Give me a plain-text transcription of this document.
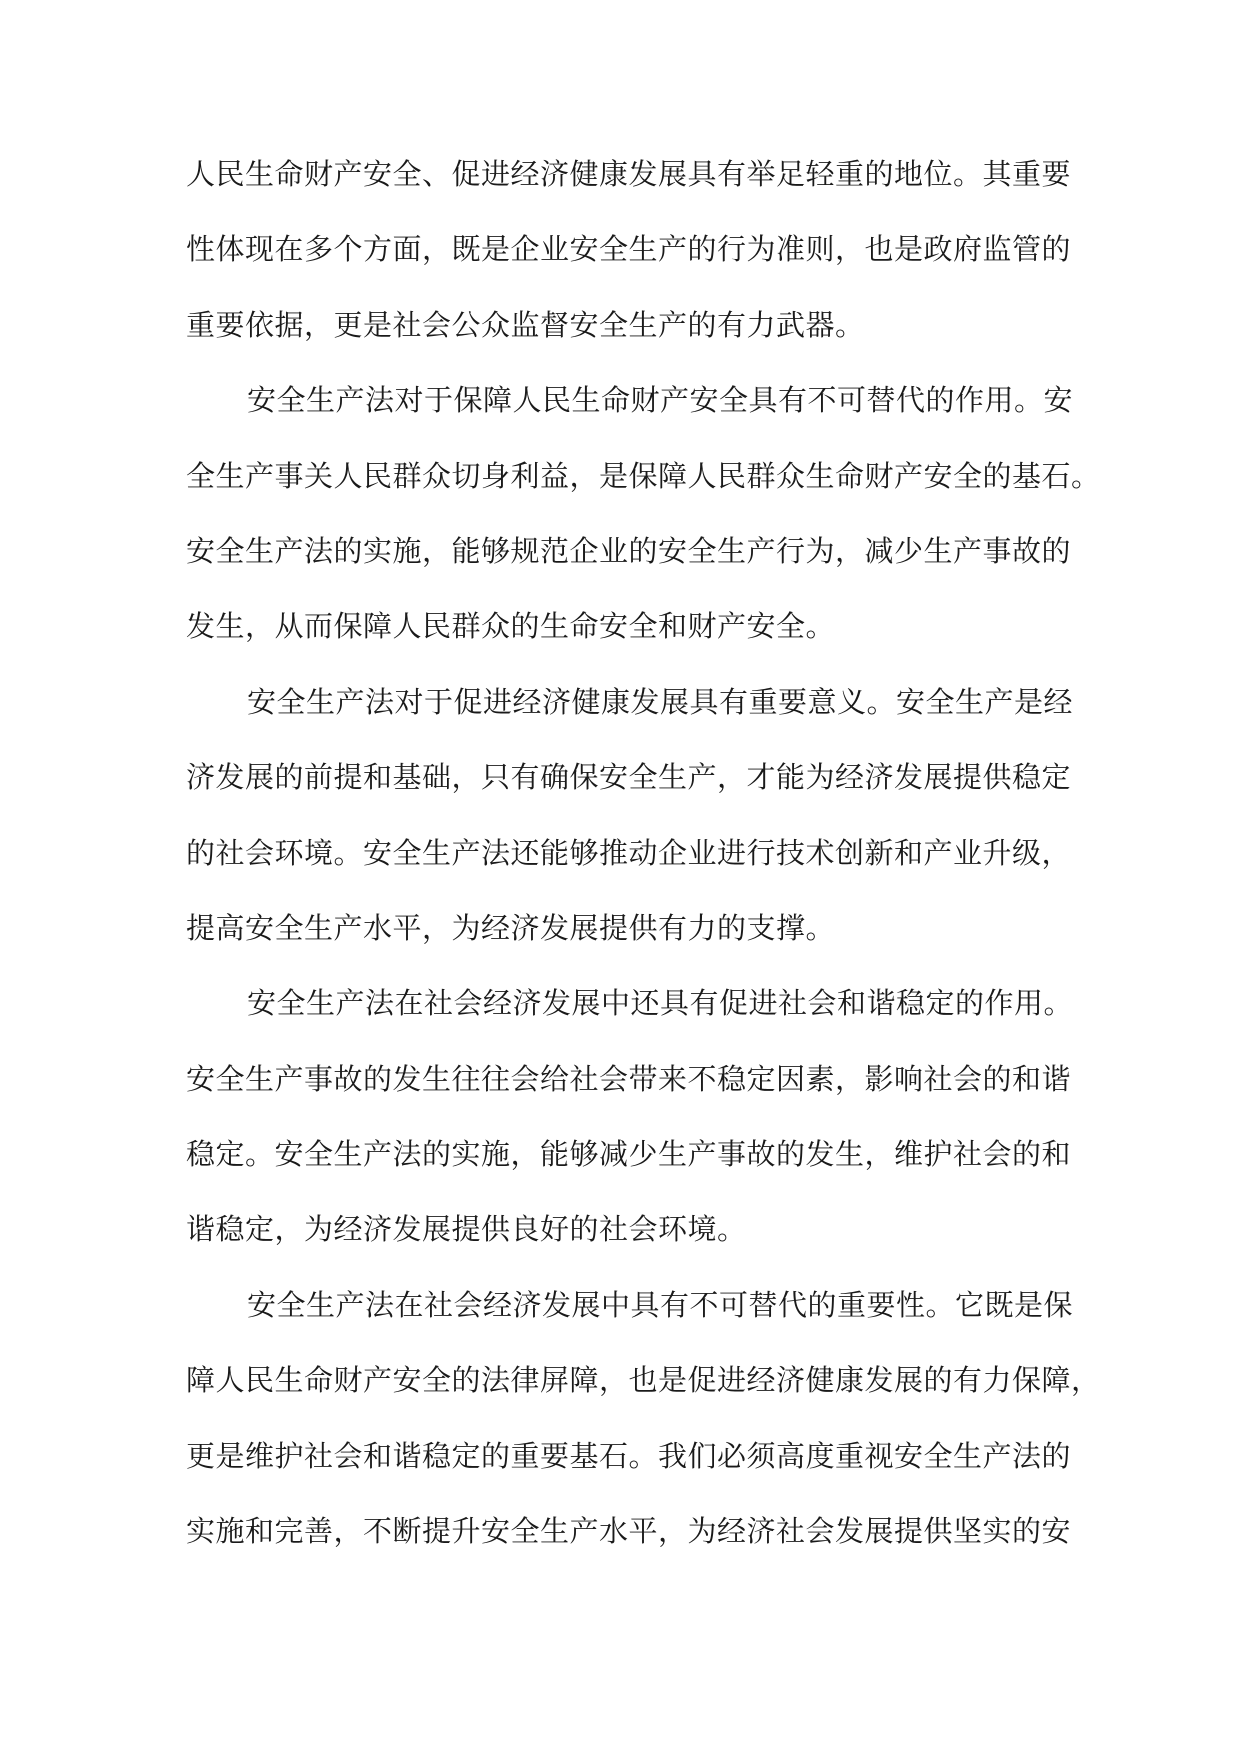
人民生命财产安全、促进经济健康发展具有举足轻重的地位。其重要
性体现在多个方面，既是企业安全生产的行为准则，也是政府监管的
重要依据，更是社会公众监督安全生产的有力武器。
安全生产法对于保障人民生命财产安全具有不可替代的作用。安
全生产事关人民群众切身利益，是保障人民群众生命财产安全的基石。
安全生产法的实施，能够规范企业的安全生产行为，减少生产事故的
发生，从而保障人民群众的生命安全和财产安全。
安全生产法对于促进经济健康发展具有重要意义。安全生产是经
济发展的前提和基础，只有确保安全生产，才能为经济发展提供稳定
的社会环境。安全生产法还能够推动企业进行技术创新和产业升级，
提高安全生产水平，为经济发展提供有力的支撑。
安全生产法在社会经济发展中还具有促进社会和谐稳定的作用。
安全生产事故的发生往往会给社会带来不稳定因素，影响社会的和谐
稳定。安全生产法的实施，能够减少生产事故的发生，维护社会的和
谐稳定，为经济发展提供良好的社会环境。
安全生产法在社会经济发展中具有不可替代的重要性。它既是保
障人民生命财产安全的法律屏障，也是促进经济健康发展的有力保障，
更是维护社会和谐稳定的重要基石。我们必须高度重视安全生产法的
实施和完善，不断提升安全生产水平，为经济社会发展提供坚实的安
